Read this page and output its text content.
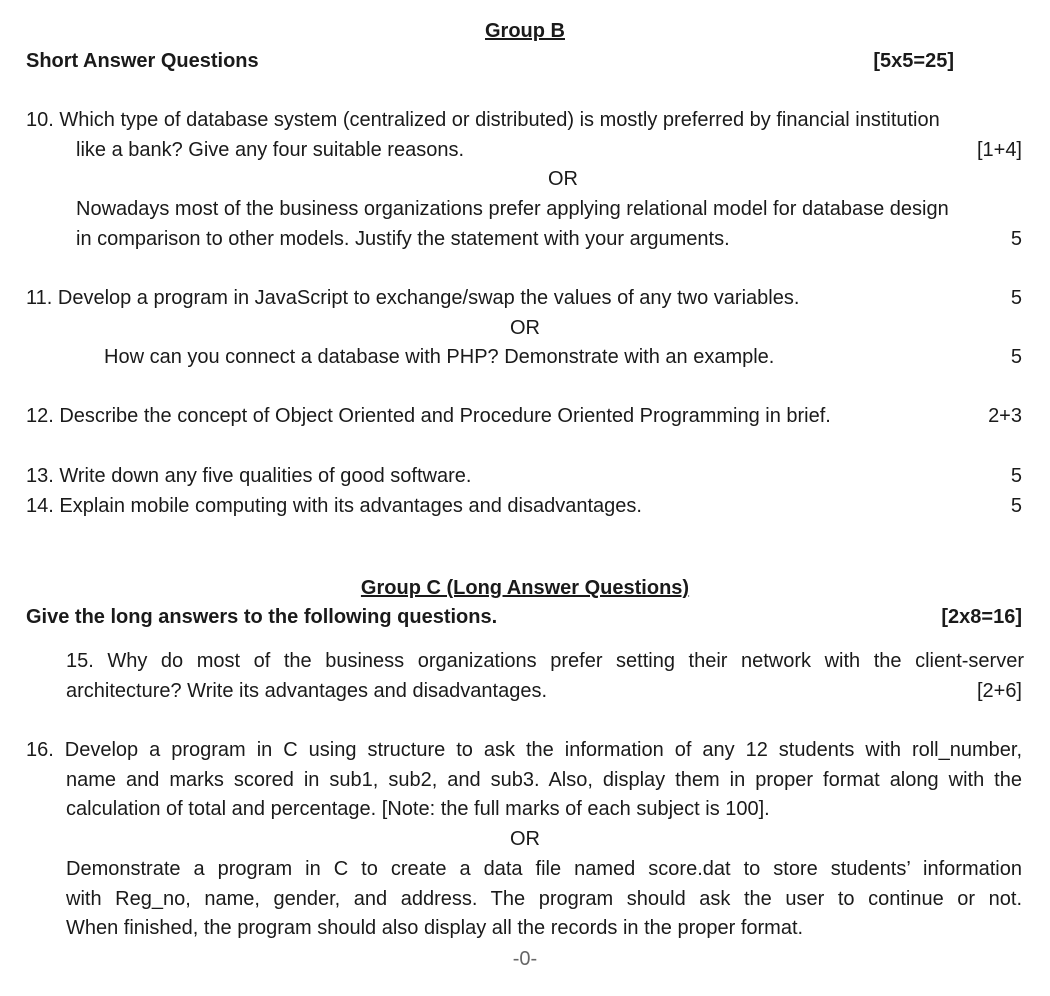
Group B
Short Answer Questions	[5x5=25]
10. Which type of database system (centralized or distributed) is mostly preferred by financial institution
like a bank? Give any four suitable reasons.	[1+4]
OR
Nowadays most of the business organizations prefer applying relational model for database design
in comparison to other models. Justify the statement with your arguments.	5
11. Develop a program in JavaScript to exchange/swap the values of any two variables.	5
OR
How can you connect a database with PHP? Demonstrate with an example.	5
12. Describe the concept of Object Oriented and Procedure Oriented Programming in brief.	2+3
13. Write down any five qualities of good software.	5
14. Explain mobile computing with its advantages and disadvantages.	5
Group C (Long Answer Questions)
Give the long answers to the following questions.	[2x8=16]
15. Why do most of the business organizations prefer setting their network with the client-server
architecture? Write its advantages and disadvantages.	[2+6]
16. Develop a program in C using structure to ask the information of any 12 students with roll_number,
name and marks scored in sub1, sub2, and sub3. Also, display them in proper format along with the
calculation of total and percentage. [Note: the full marks of each subject is 100].
OR
Demonstrate a program in C to create a data file named score.dat to store students’ information
with Reg_no, name, gender, and address. The program should ask the user to continue or not.
When finished, the program should also display all the records in the proper format.
-0-
